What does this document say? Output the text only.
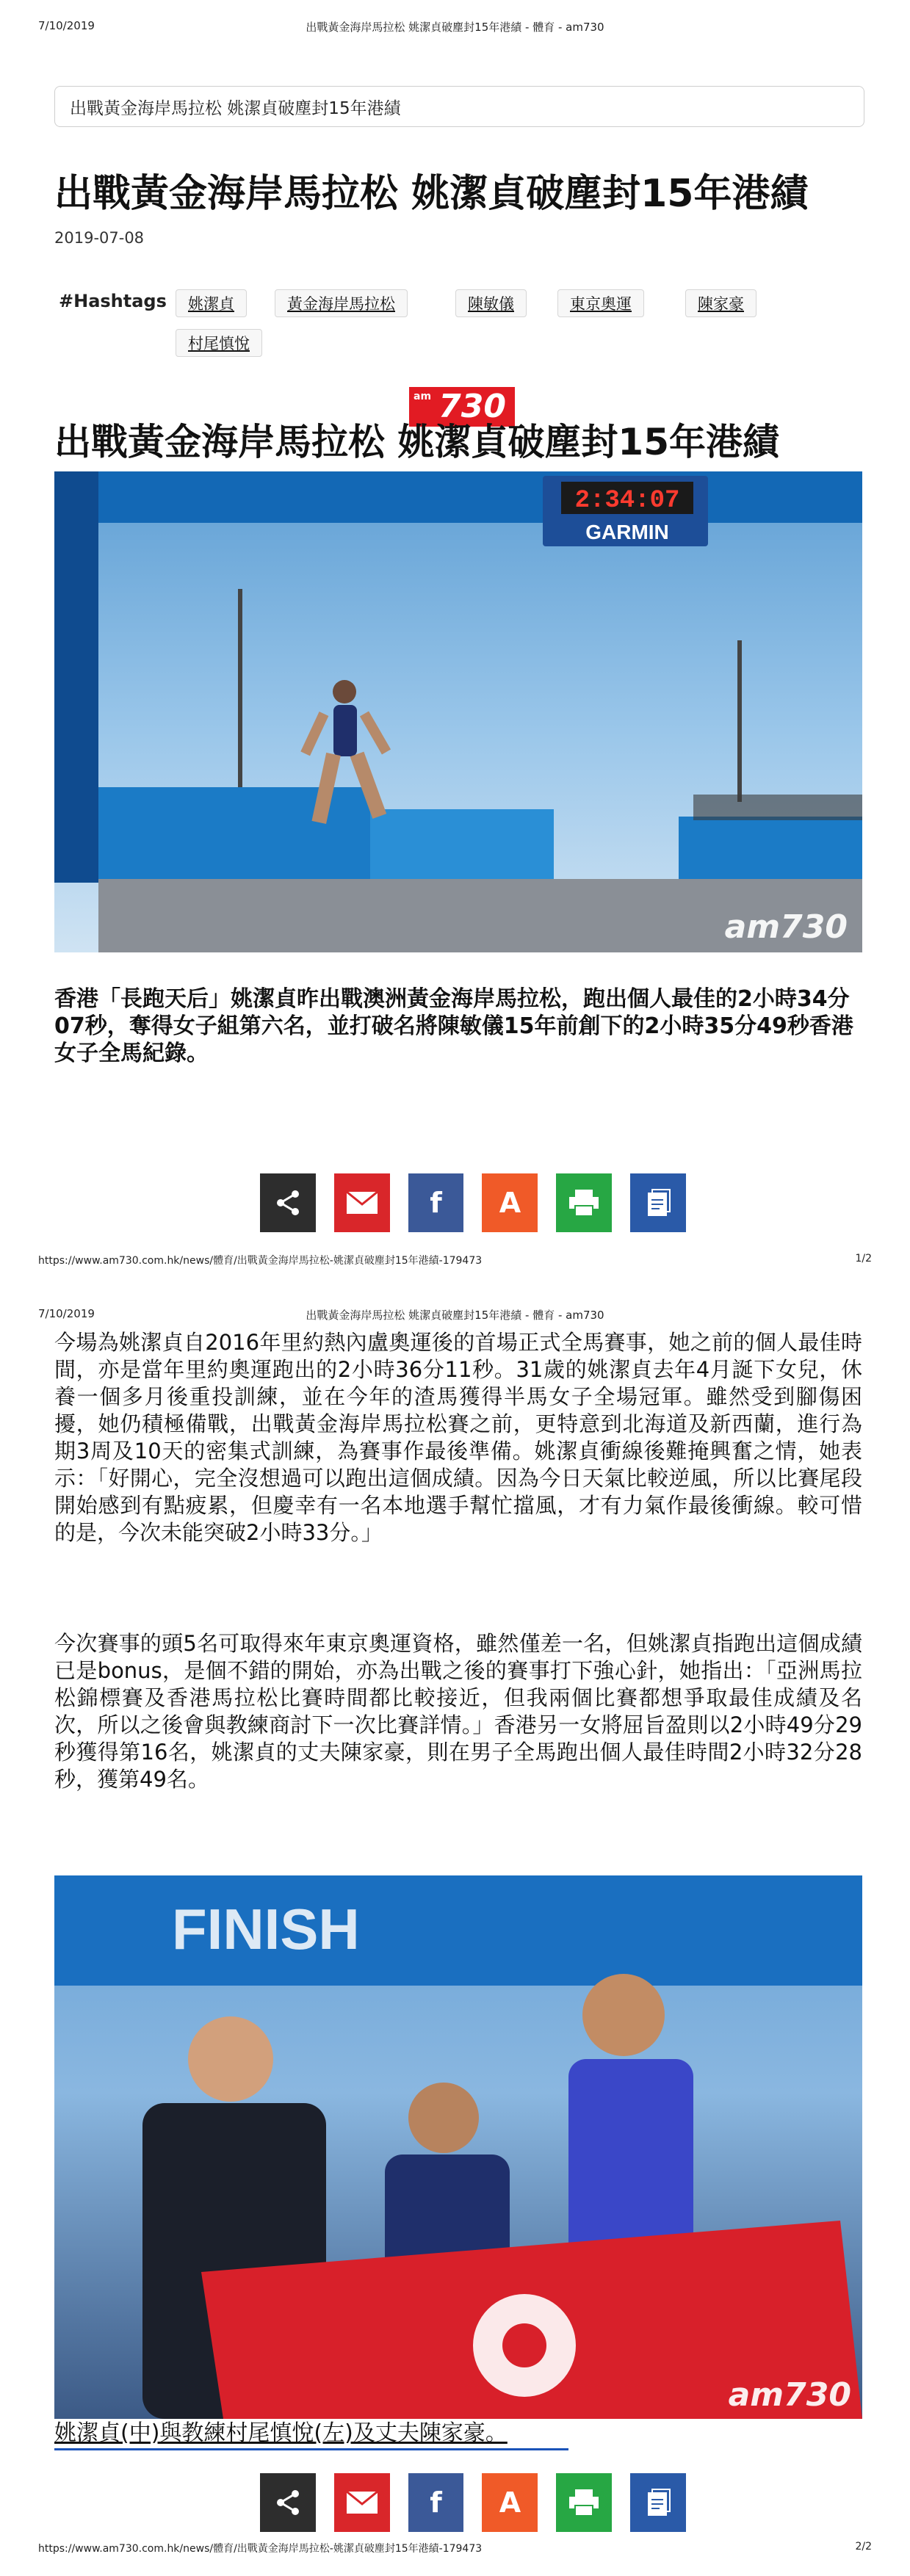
7/10/2019	出戰黃金海岸馬拉松 姚潔貞破塵封15年港績 - 體育 - am730
出戰黃金海岸馬拉松 姚潔貞破塵封15年港績
出戰黃金海岸馬拉松 姚潔貞破塵封15年港績
2019-07-08
#Hashtags	姚潔貞	黃金海岸馬拉松	陳敏儀	東京奧運	陳家豪
村尾慎悅
am 730
出戰黃金海岸馬拉松 姚潔貞破塵封15年港績
2:34:07
GARMIN
am730

香港「長跑天后」姚潔貞昨出戰澳洲黃金海岸馬拉松，跑出個人最佳的2小時34分07秒，奪得女子組第六名，並打破名將陳敏儀15年前創下的2小時35分49秒香港女子全馬紀錄。

f A
https://www.am730.com.hk/news/體育/出戰黃金海岸馬拉松-姚潔貞破塵封15年港績-179473	1/2
7/10/2019	出戰黃金海岸馬拉松 姚潔貞破塵封15年港績 - 體育 - am730

今場為姚潔貞自2016年里約熱內盧奧運後的首場正式全馬賽事，她之前的個人最佳時間，亦是當年里約奧運跑出的2小時36分11秒。31歲的姚潔貞去年4月誕下女兒，休養一個多月後重投訓練，並在今年的渣馬獲得半馬女子全場冠軍。雖然受到腳傷困擾，她仍積極備戰，出戰黃金海岸馬拉松賽之前，更特意到北海道及新西蘭，進行為期3周及10天的密集式訓練，為賽事作最後準備。姚潔貞衝線後難掩興奮之情，她表示：「好開心，完全沒想過可以跑出這個成績。因為今日天氣比較逆風，所以比賽尾段開始感到有點疲累，但慶幸有一名本地選手幫忙擋風，才有力氣作最後衝線。較可惜的是，今次未能突破2小時33分。」

今次賽事的頭5名可取得來年東京奧運資格，雖然僅差一名，但姚潔貞指跑出這個成績已是bonus，是個不錯的開始，亦為出戰之後的賽事打下強心針，她指出：「亞洲馬拉松錦標賽及香港馬拉松比賽時間都比較接近，但我兩個比賽都想爭取最佳成績及名次，所以之後會與教練商討下一次比賽詳情。」香港另一女將屈旨盈則以2小時49分29秒獲得第16名，姚潔貞的丈夫陳家豪，則在男子全馬跑出個人最佳時間2小時32分28秒，獲第49名。

FINISH
am730
姚潔貞(中)與教練村尾慎悅(左)及丈夫陳家豪。
f A
https://www.am730.com.hk/news/體育/出戰黃金海岸馬拉松-姚潔貞破塵封15年港績-179473	2/2
